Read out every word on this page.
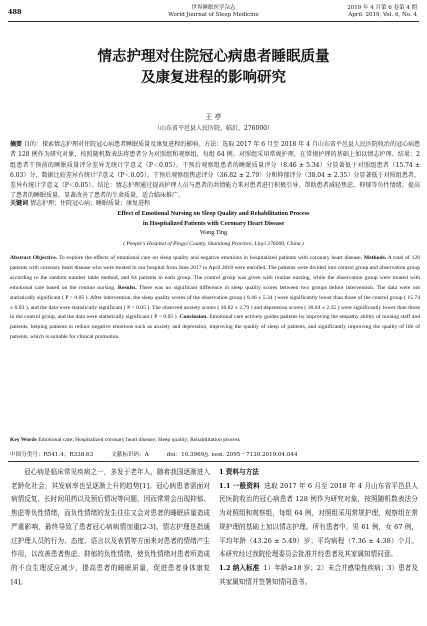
488	世界睡眠医学杂志
World Journal of Sleep Medicine
2019 年 4 月第 6 卷第 4 期
April. 2019, Vol. 6, No. 4
情志护理对住院冠心病患者睡眠质量
及康复进程的影响研究
王 亭
（山东省平邑县人民医院，临沂，276000）
摘要 目的：探索情志护理对住院冠心病患者睡眠质量及康复进程的影响。方法：选取 2017 年 6 月至 2018 年 4 月山东省平邑县人民医院收治的冠心病患者 128 例作为研究对象，按照随机数表法将患者分为对照组和观察组，每组 64 例。对照组采用常规护理，在常规护理的基础上加以情志护理。结果：2 组患者干预前的睡眠质量评分差异无统计学意义（P＜0.05）。干预后观察组患者的睡眠质量评分（8.46 ± 5.34）分显著低于对照组患者（15.74 ± 6.03）分，数据比较差异有统计学意义（P＜0.05）。干预后观察组焦虑评分（36.82 ± 2.79）分和抑郁评分（38.04 ± 2.35）分显著低于对照组患者，差异有统计学意义（P＜0.05）。结论：情志护理通过提高护理人员与患者的共情能力来对患者进行积极引导，帮助患者减轻焦虑、抑郁等负性情绪，提高了患者的睡眠质量，显著改善了患者的生命质量，适合临床推广。
关键词 情志护理；住院冠心病；睡眠质量；康复进程
Effect of Emotional Nursing on Sleep Quality and Rehabilitation Process
in Hospitalized Patients with Coronary Heart Disease
Wang Ting
( People's Hospital of Pingyi County, Shandong Province, Linyi 276000, China )
Abstract Objective. To explore the effects of emotional care on sleep quality and negative emotions in hospitalized patients with coronary heart disease. Methods. A total of 128 patients with coronary heart disease who were treated in our hospital from June 2017 to April 2018 were enrolled. The patients were divided into control group and observation group according to the random number table method, and 64 patients in each group. The control group was given with routine nursing, while the observation group were treated with emotional care based on the routine nursing. Results. There was no significant difference in sleep quality scores between two groups before intervention. The data were not statistically significant ( P > 0.05 ). After intervention, the sleep quality scores of the observation group ( 8.46 ± 5.34 ) were significantly lower than those of the control group ( 15.74 ± 6.03 ), and the data were statistically significant ( P < 0.05 ). The observed anxiety scores ( 36.82 ± 2.79 ) and depression scores ( 38.04 ± 2.35 ) were significantly lower than those in the control group, and the data were statistically significant ( P < 0.05 ). Conclusion. Emotional care actively guides patients by improving the empathy ability of nursing staff and patients, helping patients to reduce negative emotions such as anxiety and depression, improving the quality of sleep of patients, and significantly improving the quality of life of patients, which is suitable for clinical promotion.
Key Words Emotional care; Hospitalized coronary heart disease; Sleep quality; Rehabilitation process
中图分类号：R541.4；R338.63	文献标识码：A	doi：10.3969/j. issn. 2095－7130.2019.04.044

冠心病是临床常见疾病之一，多发于老年人，随着我国逐渐进入老龄化社会，其发病率也呈逐渐上升的趋势[1]。冠心病患者需面对病情反复、长时间用药以及预后情况等问题，因而常常会出现抑郁、焦虑等负性情绪，而负性情绪的发生往往又会对患者的睡眠质量造成严重影响，最终导致了患者冠心病病情加重[2-3]。情志护理是指通过护理人员的行为、态度、语言以及表情等方面来对患者的情绪产生作用，以改善患者焦虑、抑郁的负性情绪，使负性情绪对患者所造成的不良生理反应减少，提高患者的睡眠质量，促进患者身体康复[4]。

1 资料与方法

1.1 一般资料 选取 2017 年 6 月至 2018 年 4 月山东省平邑县人民医院收治的冠心病患者 128 例作为研究对象，按照随机数表法分为对照组和观察组，每组 64 例，对照组采用常规护理，观察组在常规护理的基础上加以情志护理。所有患者中，男 61 例，女 67 例，平均年龄（43.26 ± 5.49）岁；平均病程（7.36 ± 4.38）个月。本研究经过我院伦理委员会批准并经患者及其家属知情同意。

1.2 纳入标准 1）年龄≥18 岁；2）未合并感染性疾病；3）患者及其家属知情并签署知情同意书。
